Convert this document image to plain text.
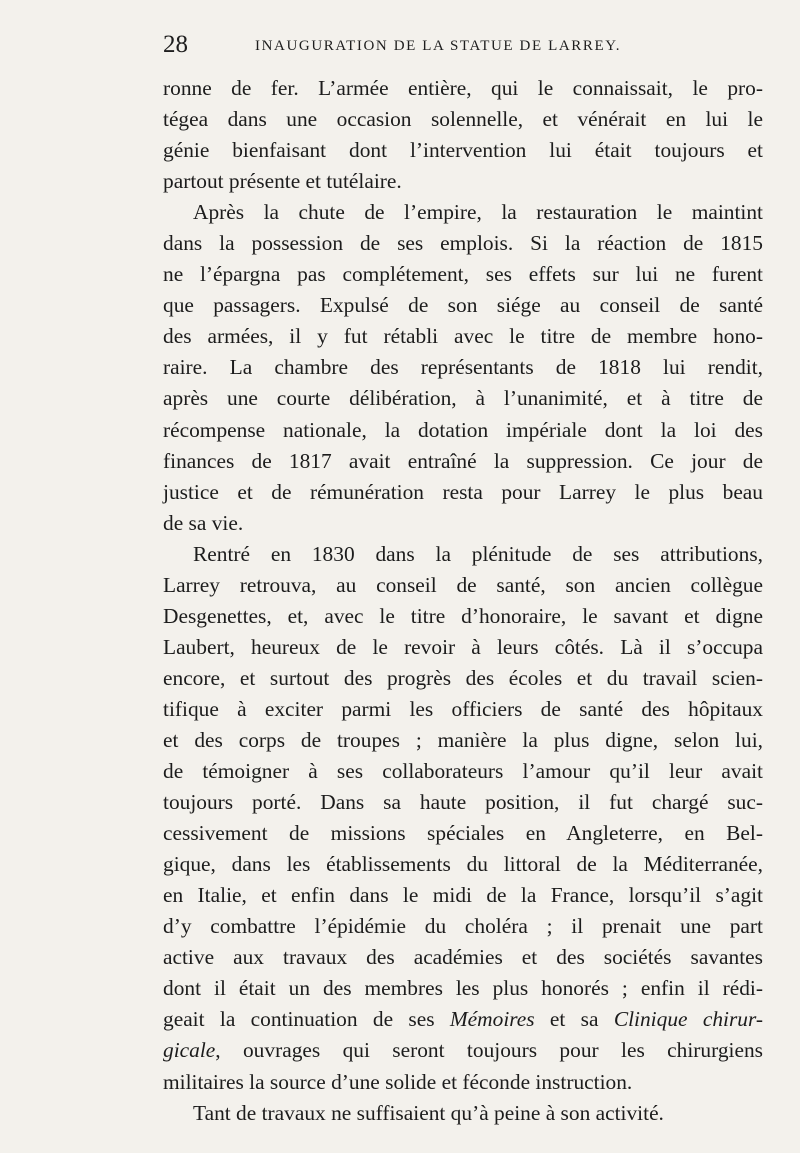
28	INAUGURATION DE LA STATUE DE LARREY.
ronne de fer. L’armée entière, qui le connaissait, le pro-
tégea dans une occasion solennelle, et vénérait en lui le
génie bienfaisant dont l’intervention lui était toujours et
partout présente et tutélaire.
Après la chute de l’empire, la restauration le maintint
dans la possession de ses emplois. Si la réaction de 1815
ne l’épargna pas complétement, ses effets sur lui ne furent
que passagers. Expulsé de son siége au conseil de santé
des armées, il y fut rétabli avec le titre de membre hono-
raire. La chambre des représentants de 1818 lui rendit,
après une courte délibération, à l’unanimité, et à titre de
récompense nationale, la dotation impériale dont la loi des
finances de 1817 avait entraîné la suppression. Ce jour de
justice et de rémunération resta pour Larrey le plus beau
de sa vie.
Rentré en 1830 dans la plénitude de ses attributions,
Larrey retrouva, au conseil de santé, son ancien collègue
Desgenettes, et, avec le titre d’honoraire, le savant et digne
Laubert, heureux de le revoir à leurs côtés. Là il s’occupa
encore, et surtout des progrès des écoles et du travail scien-
tifique à exciter parmi les officiers de santé des hôpitaux
et des corps de troupes ; manière la plus digne, selon lui,
de témoigner à ses collaborateurs l’amour qu’il leur avait
toujours porté. Dans sa haute position, il fut chargé suc-
cessivement de missions spéciales en Angleterre, en Bel-
gique, dans les établissements du littoral de la Méditerranée,
en Italie, et enfin dans le midi de la France, lorsqu’il s’agit
d’y combattre l’épidémie du choléra ; il prenait une part
active aux travaux des académies et des sociétés savantes
dont il était un des membres les plus honorés ; enfin il rédi-
geait la continuation de ses Mémoires et sa Clinique chirur-
gicale, ouvrages qui seront toujours pour les chirurgiens
militaires la source d’une solide et féconde instruction.
Tant de travaux ne suffisaient qu’à peine à son activité.
